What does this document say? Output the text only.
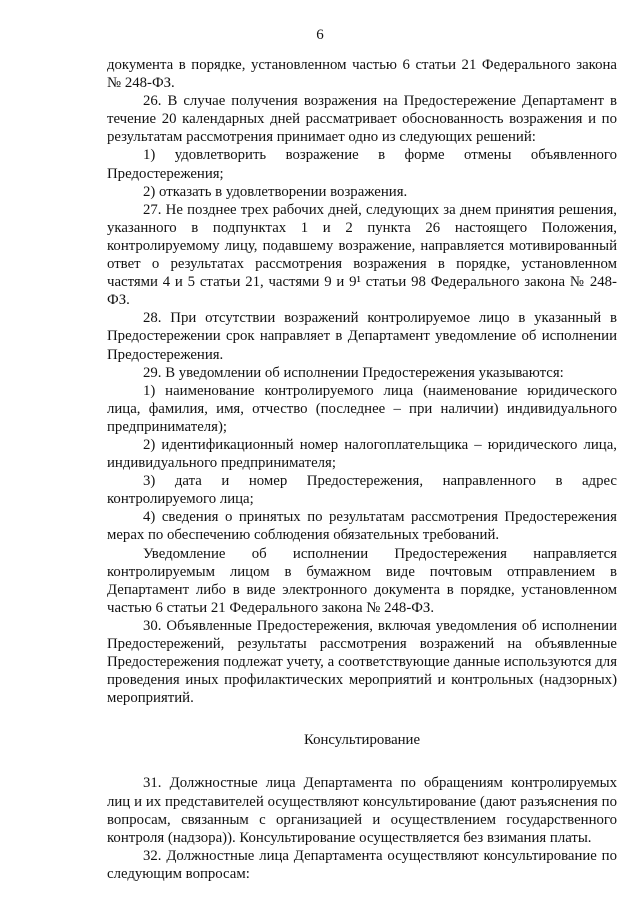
6

документа в порядке, установленном частью 6 статьи 21 Федерального закона № 248-ФЗ.

26. В случае получения возражения на Предостережение Департамент в течение 20 календарных дней рассматривает обоснованность возражения и по результатам рассмотрения принимает одно из следующих решений:

1) удовлетворить возражение в форме отмены объявленного Предостережения;

2) отказать в удовлетворении возражения.

27. Не позднее трех рабочих дней, следующих за днем принятия решения, указанного в подпунктах 1 и 2 пункта 26 настоящего Положения, контролируемому лицу, подавшему возражение, направляется мотивированный ответ о результатах рассмотрения возражения в порядке, установленном частями 4 и 5 статьи 21, частями 9 и 9¹ статьи 98 Федерального закона № 248-ФЗ.

28. При отсутствии возражений контролируемое лицо в указанный в Предостережении срок направляет в Департамент уведомление об исполнении Предостережения.

29. В уведомлении об исполнении Предостережения указываются:

1) наименование контролируемого лица (наименование юридического лица, фамилия, имя, отчество (последнее – при наличии) индивидуального предпринимателя);

2) идентификационный номер налогоплательщика – юридического лица, индивидуального предпринимателя;

3) дата и номер Предостережения, направленного в адрес контролируемого лица;

4) сведения о принятых по результатам рассмотрения Предостережения мерах по обеспечению соблюдения обязательных требований.

Уведомление об исполнении Предостережения направляется контролируемым лицом в бумажном виде почтовым отправлением в Департамент либо в виде электронного документа в порядке, установленном частью 6 статьи 21 Федерального закона № 248-ФЗ.

30. Объявленные Предостережения, включая уведомления об исполнении Предостережений, результаты рассмотрения возражений на объявленные Предостережения подлежат учету, а соответствующие данные используются для проведения иных профилактических мероприятий и контрольных (надзорных) мероприятий.

Консультирование

31. Должностные лица Департамента по обращениям контролируемых лиц и их представителей осуществляют консультирование (дают разъяснения по вопросам, связанным с организацией и осуществлением государственного контроля (надзора)). Консультирование осуществляется без взимания платы.

32. Должностные лица Департамента осуществляют консультирование по следующим вопросам:
